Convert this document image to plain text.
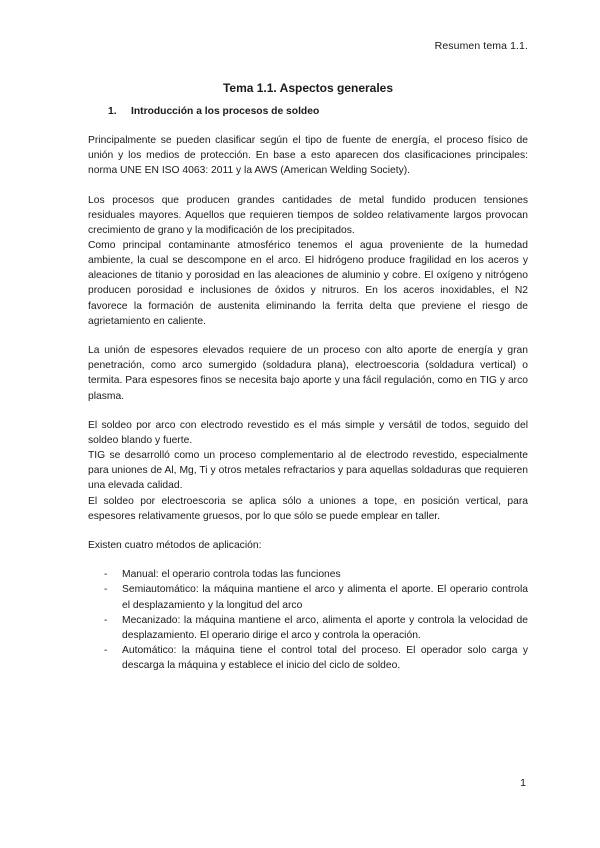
Resumen tema 1.1.
Tema 1.1. Aspectos generales
1.	Introducción a los procesos de soldeo

Principalmente se pueden clasificar según el tipo de fuente de energía, el proceso físico de unión y los medios de protección. En base a esto aparecen dos clasificaciones principales: norma UNE EN ISO 4063: 2011 y la AWS (American Welding Society).

Los procesos que producen grandes cantidades de metal fundido producen tensiones residuales mayores. Aquellos que requieren tiempos de soldeo relativamente largos provocan crecimiento de grano y la modificación de los precipitados.

Como principal contaminante atmosférico tenemos el agua proveniente de la humedad ambiente, la cual se descompone en el arco. El hidrógeno produce fragilidad en los aceros y aleaciones de titanio y porosidad en las aleaciones de aluminio y cobre. El oxígeno y nitrógeno producen porosidad e inclusiones de óxidos y nitruros. En los aceros inoxidables, el N2 favorece la formación de austenita eliminando la ferrita delta que previene el riesgo de agrietamiento en caliente.

La unión de espesores elevados requiere de un proceso con alto aporte de energía y gran penetración, como arco sumergido (soldadura plana), electroescoria (soldadura vertical) o termita. Para espesores finos se necesita bajo aporte y una fácil regulación, como en TIG y arco plasma.

El soldeo por arco con electrodo revestido es el más simple y versátil de todos, seguido del soldeo blando y fuerte.

TIG se desarrolló como un proceso complementario al de electrodo revestido, especialmente para uniones de Al, Mg, Ti y otros metales refractarios y para aquellas soldaduras que requieren una elevada calidad.

El soldeo por electroescoria se aplica sólo a uniones a tope, en posición vertical, para espesores relativamente gruesos, por lo que sólo se puede emplear en taller.

Existen cuatro métodos de aplicación:

-	Manual: el operario controla todas las funciones
-	Semiautomático: la máquina mantiene el arco y alimenta el aporte. El operario controla el desplazamiento y la longitud del arco
-	Mecanizado: la máquina mantiene el arco, alimenta el aporte y controla la velocidad de desplazamiento. El operario dirige el arco y controla la operación.
-	Automático: la máquina tiene el control total del proceso. El operador solo carga y descarga la máquina y establece el inicio del ciclo de soldeo.
1
